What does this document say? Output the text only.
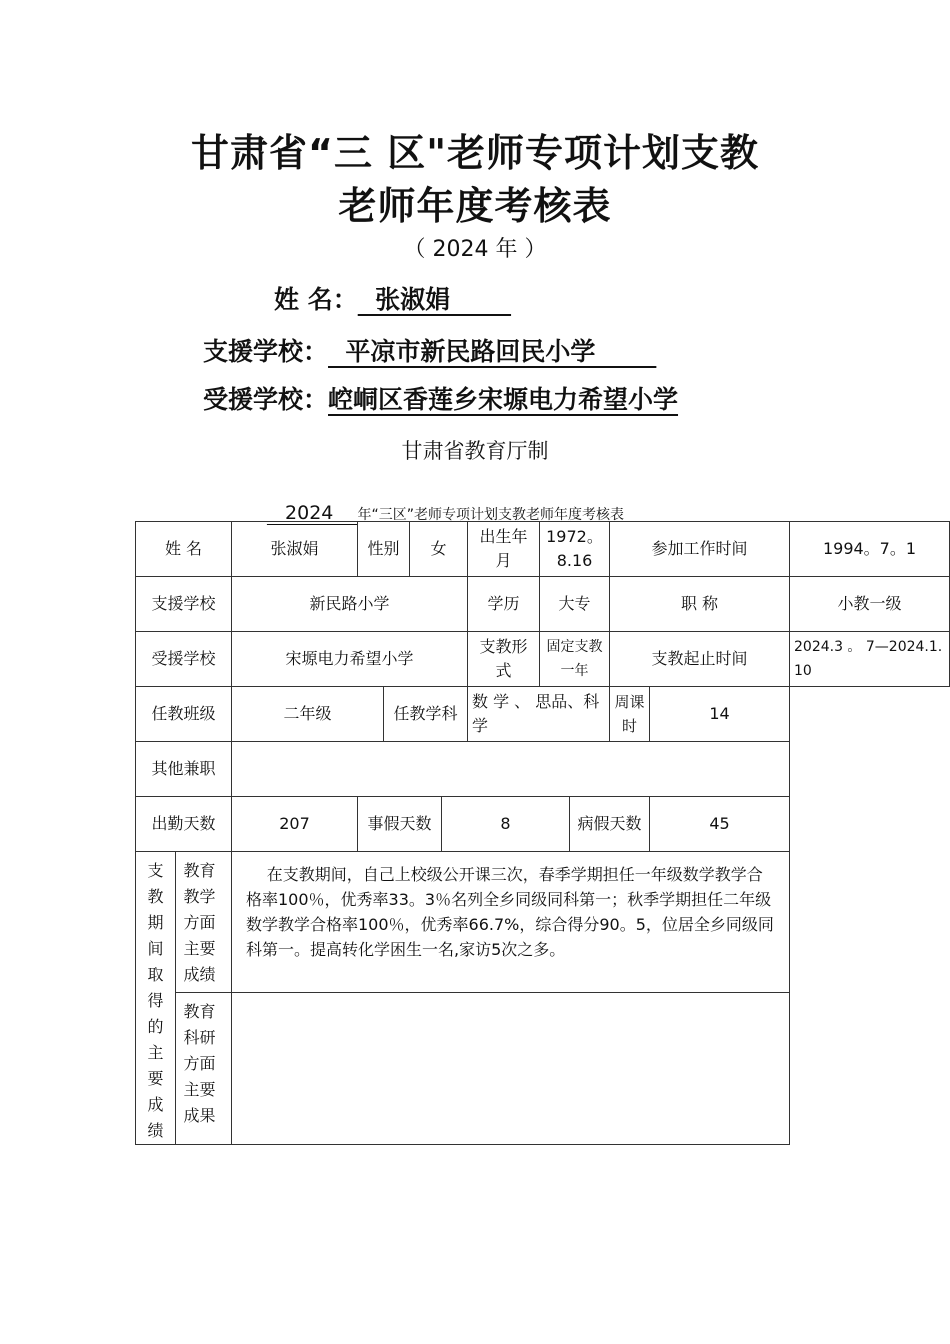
甘肃省“三 区"老师专项计划支教
老师年度考核表
（ 2024 年 ）
姓 名：  张淑娟
支援学校：  平凉市新民路回民小学
受援学校：崆峒区香莲乡宋塬电力希望小学
甘肃省教育厅制

2024    年“三区”老师专项计划支教老师年度考核表

姓 名		张淑娟	性别		女		出生年月	1972。8.16		参加工作时间		1994。7。1
支援学校		新民路小学					学历	大专		职 称		小教一级
受援学校		宋塬电力希望小学					支教形式	固定支教一年		支教起止时间		2024.3 。 7—2024.1.10
任教班级		二年级		任教学科			数 学 、 思品、科学			周课时	14	
其他兼职												
出勤天数		207	事假天数			8			病假天数		45	

支教期间取得的主要成绩	教育教学方面主要成绩	在支教期间，自己上校级公开课三次，春季学期担任一年级数学教学合格率100％，优秀率33。3％名列全乡同级同科第一；秋季学期担任二年级数学教学合格率100％，优秀率66.7%，综合得分90。5，位居全乡同级同科第一。提高转化学困生一名,家访5次之多。										

	教育科研方面主要成果											
